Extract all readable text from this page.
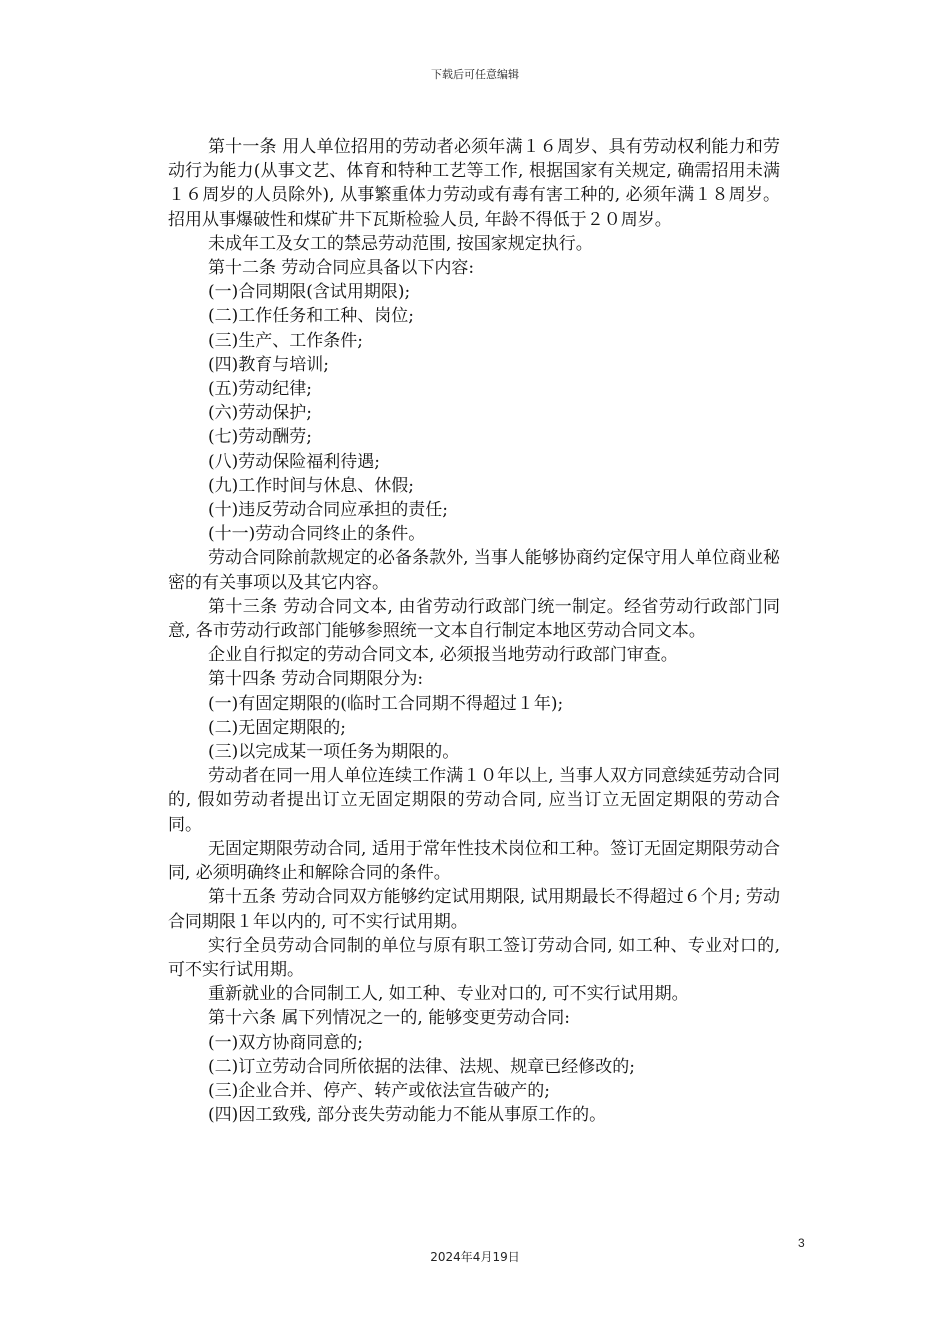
下载后可任意编辑

第十一条 用人单位招用的劳动者必须年满１６周岁、具有劳动权利能力和劳动行为能力(从事文艺、体育和特种工艺等工作, 根据国家有关规定, 确需招用未满１６周岁的人员除外), 从事繁重体力劳动或有毒有害工种的, 必须年满１８周岁。招用从事爆破性和煤矿井下瓦斯检验人员, 年龄不得低于２０周岁。

未成年工及女工的禁忌劳动范围, 按国家规定执行。

第十二条 劳动合同应具备以下内容:

(一)合同期限(含试用期限);

(二)工作任务和工种、岗位;

(三)生产、工作条件;

(四)教育与培训;

(五)劳动纪律;

(六)劳动保护;

(七)劳动酬劳;

(八)劳动保险福利待遇;

(九)工作时间与休息、休假;

(十)违反劳动合同应承担的责任;

(十一)劳动合同终止的条件。

劳动合同除前款规定的必备条款外, 当事人能够协商约定保守用人单位商业秘密的有关事项以及其它内容。

第十三条 劳动合同文本, 由省劳动行政部门统一制定。经省劳动行政部门同意, 各市劳动行政部门能够参照统一文本自行制定本地区劳动合同文本。

企业自行拟定的劳动合同文本, 必须报当地劳动行政部门审查。

第十四条 劳动合同期限分为:

(一)有固定期限的(临时工合同期不得超过１年);

(二)无固定期限的;

(三)以完成某一项任务为期限的。

劳动者在同一用人单位连续工作满１０年以上, 当事人双方同意续延劳动合同的, 假如劳动者提出订立无固定期限的劳动合同, 应当订立无固定期限的劳动合同。

无固定期限劳动合同, 适用于常年性技术岗位和工种。签订无固定期限劳动合同, 必须明确终止和解除合同的条件。

第十五条 劳动合同双方能够约定试用期限, 试用期最长不得超过６个月; 劳动合同期限１年以内的, 可不实行试用期。

实行全员劳动合同制的单位与原有职工签订劳动合同, 如工种、专业对口的, 可不实行试用期。

重新就业的合同制工人, 如工种、专业对口的, 可不实行试用期。

第十六条 属下列情况之一的, 能够变更劳动合同:

(一)双方协商同意的;

(二)订立劳动合同所依据的法律、法规、规章已经修改的;

(三)企业合并、停产、转产或依法宣告破产的;

(四)因工致残, 部分丧失劳动能力不能从事原工作的。

3
2024年4月19日
